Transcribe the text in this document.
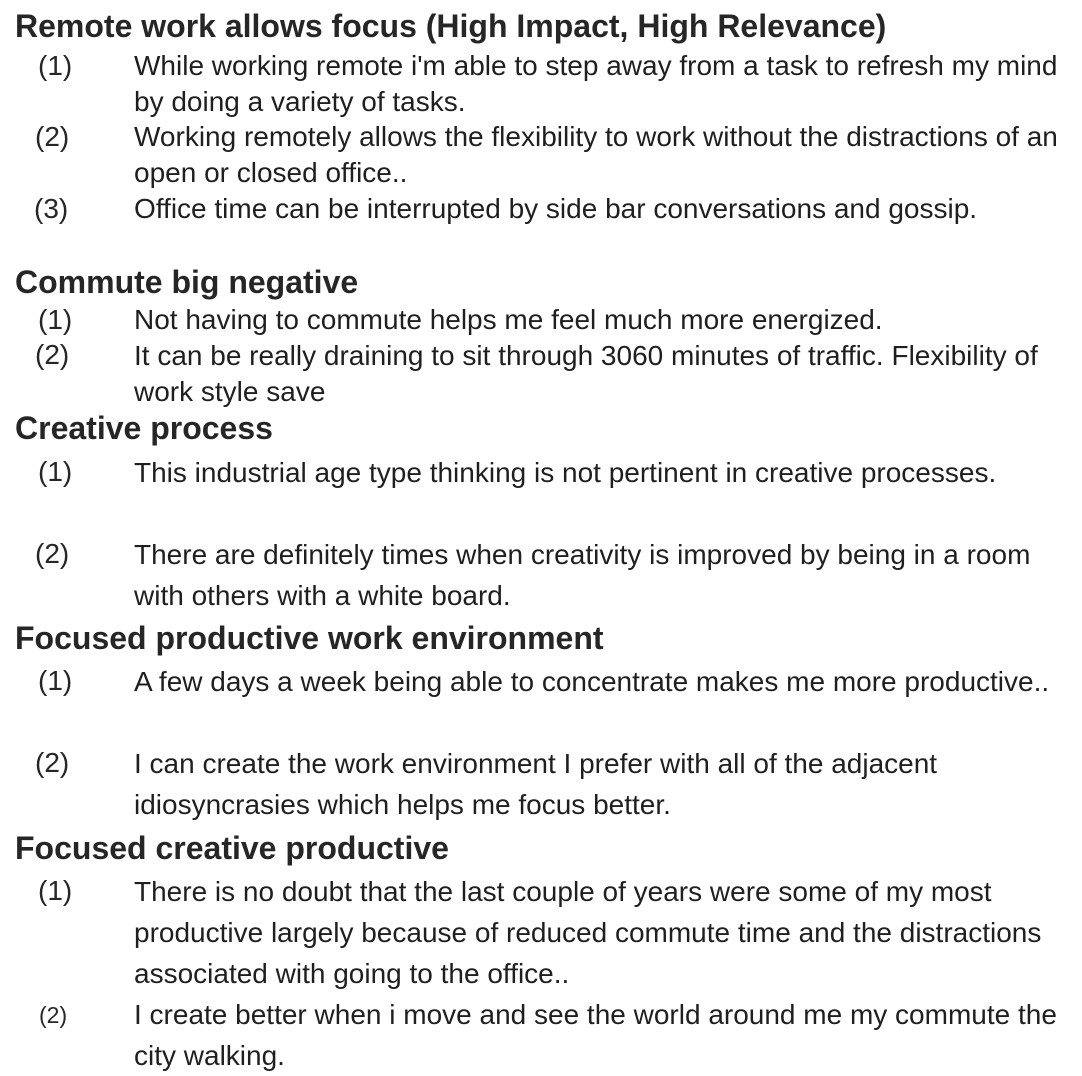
Remote work allows focus (High Impact, High Relevance)
(1) While working remote i'm able to step away from a task to refresh my mind by doing a variety of tasks.
(2) Working remotely allows the flexibility to work without the distractions of an open or closed office..
(3) Office time can be interrupted by side bar conversations and gossip.
Commute big negative
(1) Not having to commute helps me feel much more energized.
(2) It can be really draining to sit through 3060 minutes of traffic. Flexibility of work style save
Creative process
(1) This industrial age type thinking is not pertinent in creative processes.
(2) There are definitely times when creativity is improved by being in a room with others with a white board.
Focused productive work environment
(1) A few days a week being able to concentrate makes me more productive..
(2) I can create the work environment I prefer with all of the adjacent idiosyncrasies which helps me focus better.
Focused creative productive
(1) There is no doubt that the last couple of years were some of my most productive largely because of reduced commute time and the distractions associated with going to the office..
(2) I create better when i move and see the world around me my commute the city walking.
